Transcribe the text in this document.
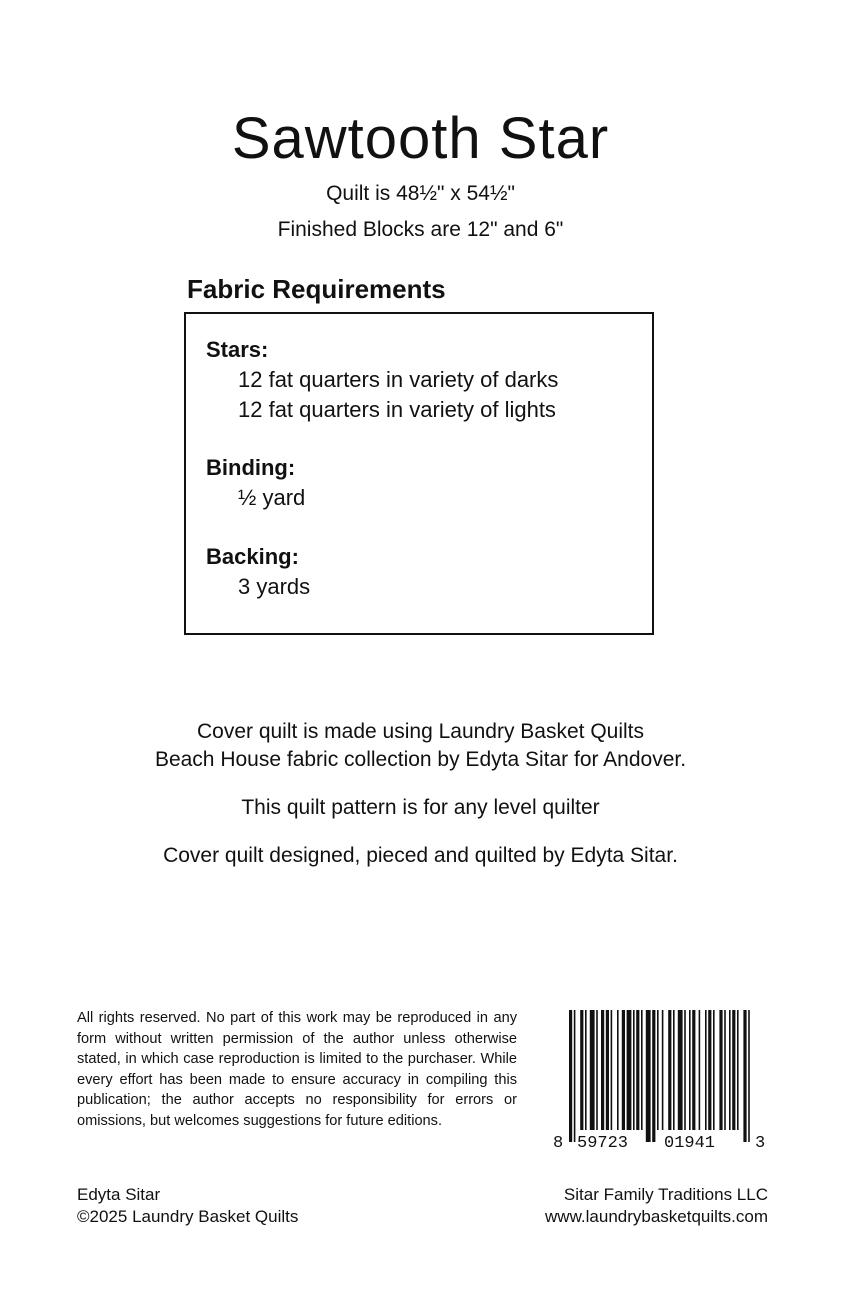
Sawtooth Star
Quilt is 48½" x 54½"
Finished Blocks are 12" and 6"
Fabric Requirements
Stars:
12 fat quarters in variety of darks
12 fat quarters in variety of lights
Binding:
½ yard
Backing:
3 yards
Cover quilt is made using Laundry Basket Quilts
Beach House fabric collection by Edyta Sitar for Andover.
This quilt pattern is for any level quilter
Cover quilt designed, pieced and quilted by Edyta Sitar.
All rights reserved. No part of this work may be reproduced in any form without written permission of the author unless otherwise stated, in which case reproduction is limited to the purchaser. While every effort has been made to ensure accuracy in compiling this publication; the author accepts no responsibility for errors or omissions, but welcomes suggestions for future editions.
8 59723 01941 3
Edyta Sitar
©2025 Laundry Basket Quilts
Sitar Family Traditions LLC
www.laundrybasketquilts.com
